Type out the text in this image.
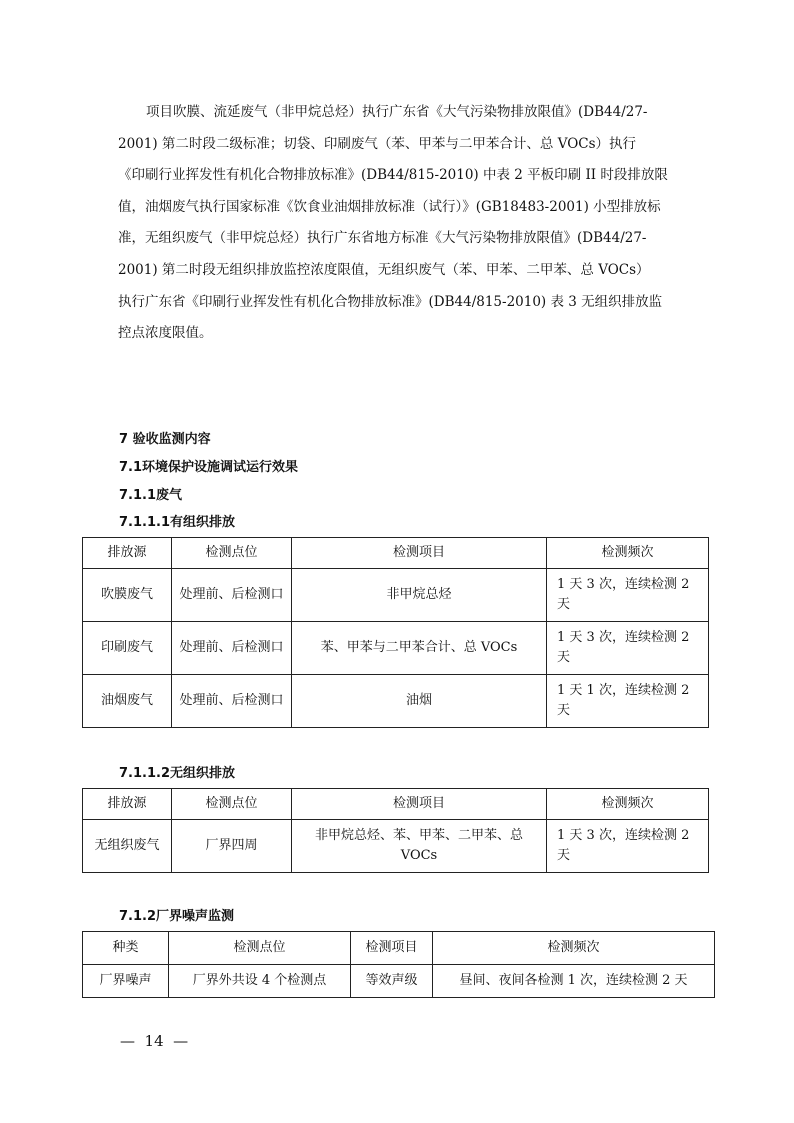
项目吹膜、流延废气（非甲烷总烃）执行广东省《大气污染物排放限值》(DB44/27-
2001) 第二时段二级标准；切袋、印刷废气（苯、甲苯与二甲苯合计、总 VOCs）执行
《印刷行业挥发性有机化合物排放标准》(DB44/815-2010) 中表 2 平板印刷 II 时段排放限
值，油烟废气执行国家标准《饮食业油烟排放标准（试行）》(GB18483-2001) 小型排放标
准，无组织废气（非甲烷总烃）执行广东省地方标准《大气污染物排放限值》(DB44/27-
2001) 第二时段无组织排放监控浓度限值，无组织废气（苯、甲苯、二甲苯、总 VOCs）
执行广东省《印刷行业挥发性有机化合物排放标准》(DB44/815-2010) 表 3 无组织排放监
控点浓度限值。

7 验收监测内容
7.1环境保护设施调试运行效果
7.1.1废气
7.1.1.1有组织排放
排放源	检测点位	检测项目	检测频次
吹膜废气	处理前、后检测口	非甲烷总烃	1 天 3 次，连续检测 2 天
印刷废气	处理前、后检测口	苯、甲苯与二甲苯合计、总 VOCs	1 天 3 次，连续检测 2 天
油烟废气	处理前、后检测口	油烟	1 天 1 次，连续检测 2 天
7.1.1.2无组织排放
排放源	检测点位	检测项目	检测频次
无组织废气	厂界四周	非甲烷总烃、苯、甲苯、二甲苯、总 VOCs	1 天 3 次，连续检测 2 天
7.1.2厂界噪声监测
种类	检测点位	检测项目	检测频次
厂界噪声	厂界外共设 4 个检测点	等效声级	昼间、夜间各检测 1 次，连续检测 2 天
—  14  —
